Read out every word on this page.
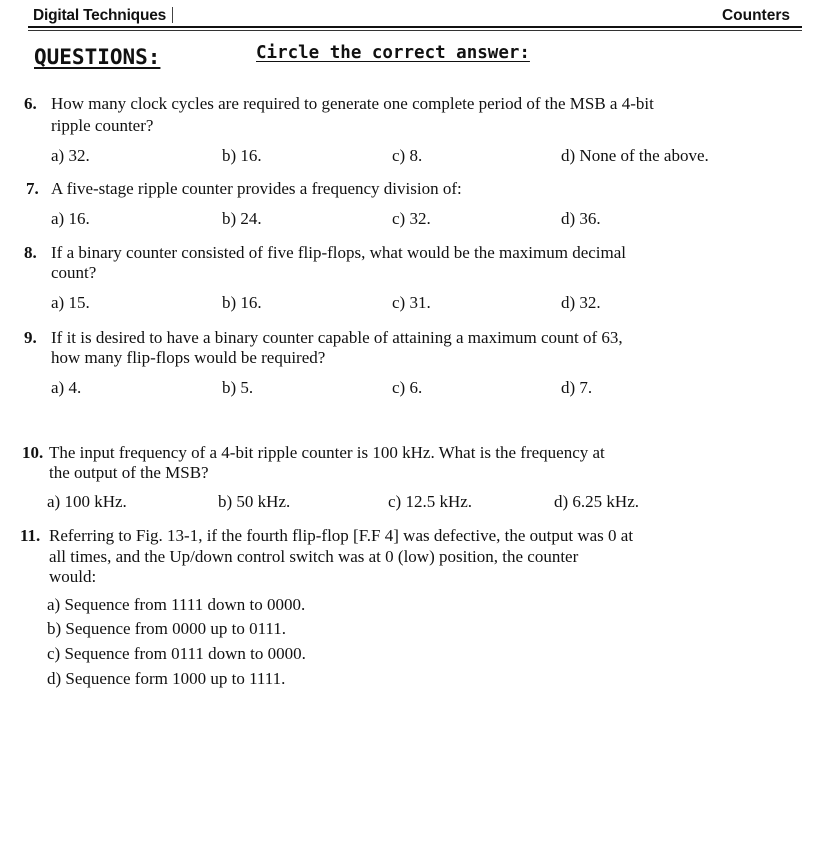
Digital Techniques	Counters
QUESTIONS:	Circle the correct answer:
6. How many clock cycles are required to generate one complete period of the MSB a 4-bit
ripple counter?
a) 32.	b) 16.	c) 8.	d) None of the above.
7. A five-stage ripple counter provides a frequency division of:
a) 16.	b) 24.	c) 32.	d) 36.
8. If a binary counter consisted of five flip-flops, what would be the maximum decimal
count?
a) 15.	b) 16.	c) 31.	d) 32.
9. If it is desired to have a binary counter capable of attaining a maximum count of 63,
how many flip-flops would be required?
a) 4.	b) 5.	c) 6.	d) 7.
10. The input frequency of a 4-bit ripple counter is 100 kHz. What is the frequency at
the output of the MSB?
a) 100 kHz.	b) 50 kHz.	c) 12.5 kHz.	d) 6.25 kHz.
11. Referring to Fig. 13-1, if the fourth flip-flop [F.F 4] was defective, the output was 0 at
all times, and the Up/down control switch was at 0 (low) position, the counter
would:
a) Sequence from 1111 down to 0000.
b) Sequence from 0000 up to 0111.
c) Sequence from 0111 down to 0000.
d) Sequence form 1000 up to 1111.
